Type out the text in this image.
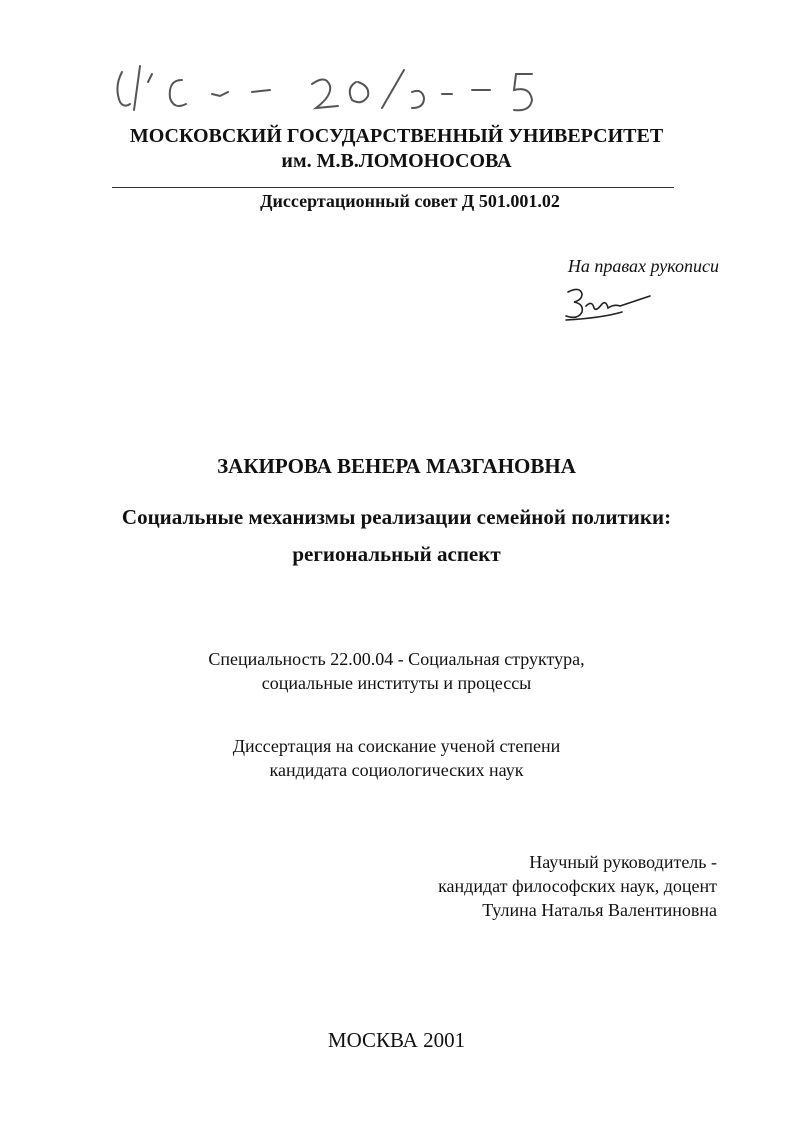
МОСКОВСКИЙ ГОСУДАРСТВЕННЫЙ УНИВЕРСИТЕТ
им. М.В.ЛОМОНОСОВА
Диссертационный совет Д 501.001.02
На правах рукописи
ЗАКИРОВА ВЕНЕРА МАЗГАНОВНА
Социальные механизмы реализации семейной политики:
региональный аспект
Специальность 22.00.04 - Социальная структура,
социальные институты и процессы
Диссертация на соискание ученой степени
кандидата социологических наук
Научный руководитель -
кандидат философских наук, доцент
Тулина Наталья Валентиновна
МОСКВА 2001
